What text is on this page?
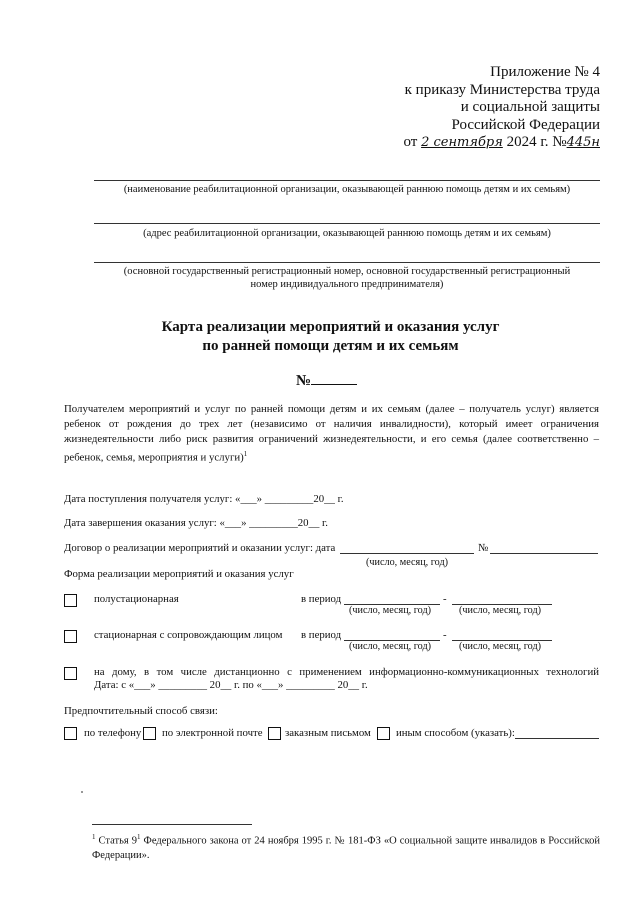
Приложение № 4
к приказу Министерства труда
и социальной защиты
Российской Федерации
от 2 сентября 2024 г. №445н
(наименование реабилитационной организации, оказывающей раннюю помощь детям и их семьям)
(адрес реабилитационной организации, оказывающей раннюю помощь детям и их семьям)
(основной государственный регистрационный номер, основной государственный регистрационный номер индивидуального предпринимателя)
Карта реализации мероприятий и оказания услуг
по ранней помощи детям и их семьям
№
Получателем мероприятий и услуг по ранней помощи детям и их семьям (далее – получатель услуг) является ребенок от рождения до трех лет (независимо от наличия инвалидности), который имеет ограничения жизнедеятельности либо риск развития ограничений жизнедеятельности, и его семья (далее соответственно – ребенок, семья, мероприятия и услуги)$^1$
Дата поступления получателя услуг: «___» _________20__ г.
Дата завершения оказания услуг: «___» _________20__ г.
Договор о реализации мероприятий и оказании услуг: дата	№
(число, месяц, год)
Форма реализации мероприятий и оказания услуг
полустационарная	в период	-
(число, месяц, год)	(число, месяц, год)
стационарная с сопровождающим лицом в период	-
(число, месяц, год)	(число, месяц, год)
на дому, в том числе дистанционно с применением информационно-коммуникационных технологий
Дата: с «___» _________ 20__ г. по «___» _________ 20__ г.
Предпочтительный способ связи:
по телефону по электронной почте заказным письмом иным способом (указать):
$^1$ Статья $9^1$ Федерального закона от 24 ноября 1995 г. № 181-ФЗ «О социальной защите инвалидов в Российской Федерации».
